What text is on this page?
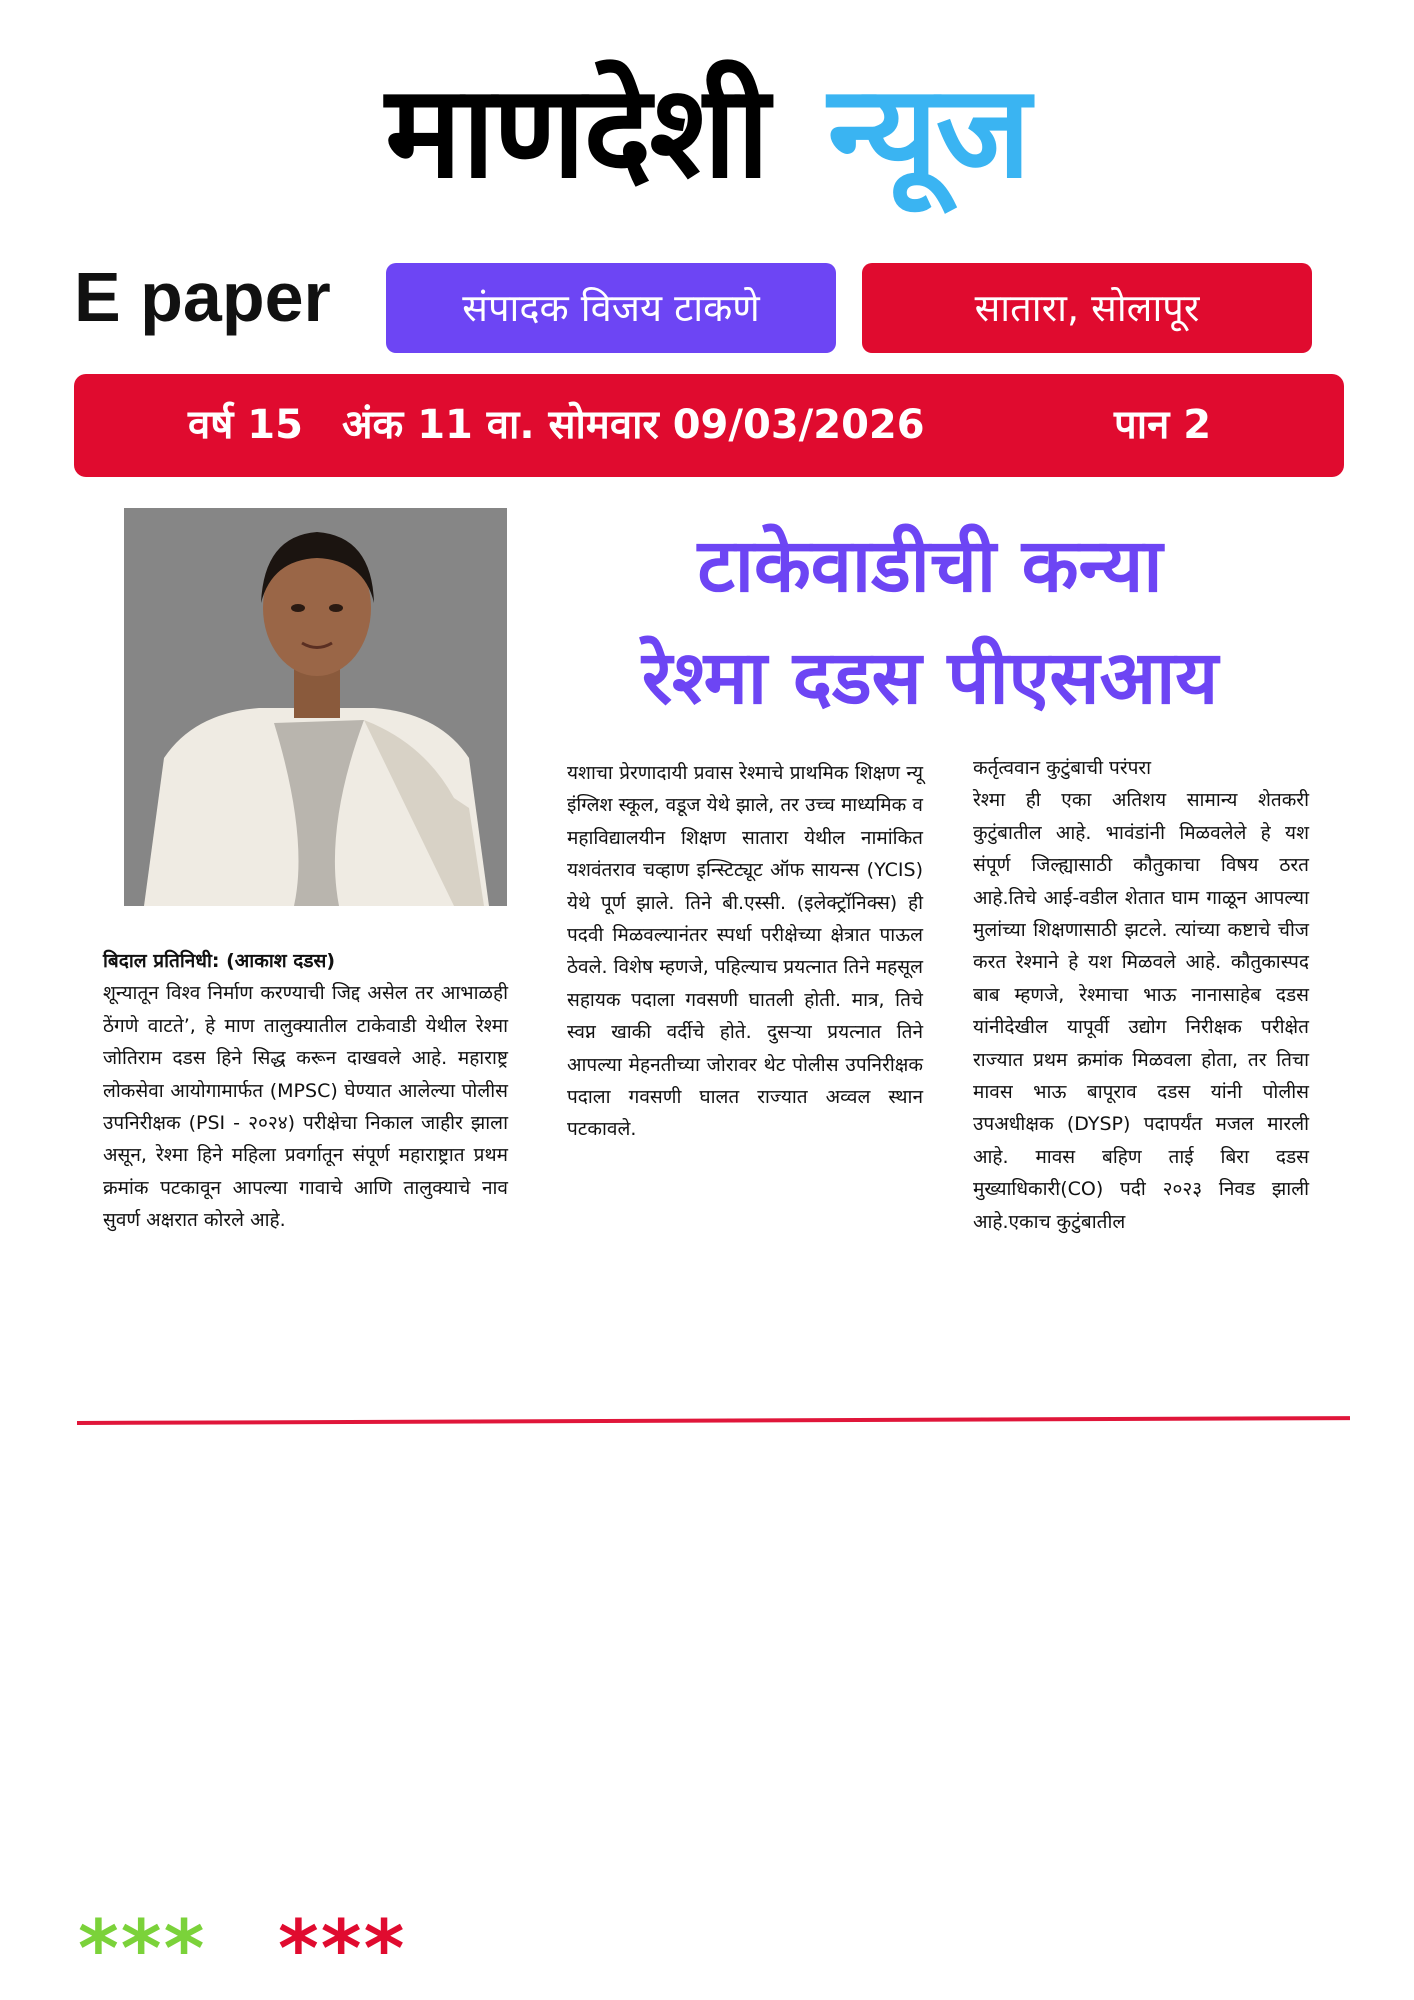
माणदेशी न्यूज
E paper	संपादक विजय टाकणे	सातारा, सोलापूर
वर्ष 15 अंक 11 वा. सोमवार 09/03/2026	पान 2
टाकेवाडीची कन्या
रेश्मा दडस पीएसआय
बिदाल प्रतिनिधी: (आकाश दडस)
शून्यातून विश्व निर्माण करण्याची जिद्द असेल तर आभाळही ठेंगणे वाटते’, हे माण तालुक्यातील टाकेवाडी येथील रेश्मा जोतिराम दडस हिने सिद्ध करून दाखवले आहे. महाराष्ट्र लोकसेवा आयोगामार्फत (MPSC) घेण्यात आलेल्या पोलीस उपनिरीक्षक (PSI - २०२४) परीक्षेचा निकाल जाहीर झाला असून, रेश्मा हिने महिला प्रवर्गातून संपूर्ण महाराष्ट्रात प्रथम क्रमांक पटकावून आपल्या गावाचे आणि तालुक्याचे नाव सुवर्ण अक्षरात कोरले आहे.
यशाचा प्रेरणादायी प्रवास रेश्माचे प्राथमिक शिक्षण न्यू इंग्लिश स्कूल, वडूज येथे झाले, तर उच्च माध्यमिक व महाविद्यालयीन शिक्षण सातारा येथील नामांकित यशवंतराव चव्हाण इन्स्टिट्यूट ऑफ सायन्स (YCIS) येथे पूर्ण झाले. तिने बी.एस्सी. (इलेक्ट्रॉनिक्स) ही पदवी मिळवल्यानंतर स्पर्धा परीक्षेच्या क्षेत्रात पाऊल ठेवले. विशेष म्हणजे, पहिल्याच प्रयत्नात तिने महसूल सहायक पदाला गवसणी घातली होती. मात्र, तिचे स्वप्न खाकी वर्दीचे होते. दुसऱ्या प्रयत्नात तिने आपल्या मेहनतीच्या जोरावर थेट पोलीस उपनिरीक्षक पदाला गवसणी घालत राज्यात अव्वल स्थान पटकावले.
कर्तृत्ववान कुटुंबाची परंपरा
रेश्मा ही एका अतिशय सामान्य शेतकरी कुटुंबातील आहे. भावंडांनी मिळवलेले हे यश संपूर्ण जिल्ह्यासाठी कौतुकाचा विषय ठरत आहे.तिचे आई-वडील शेतात घाम गाळून आपल्या मुलांच्या शिक्षणासाठी झटले. त्यांच्या कष्टाचे चीज करत रेश्माने हे यश मिळवले आहे. कौतुकास्पद बाब म्हणजे, रेश्माचा भाऊ नानासाहेब दडस यांनीदेखील यापूर्वी उद्योग निरीक्षक परीक्षेत राज्यात प्रथम क्रमांक मिळवला होता, तर तिचा मावस भाऊ बापूराव दडस यांनी पोलीस उपअधीक्षक (DYSP) पदापर्यंत मजल मारली आहे. मावस बहिण ताई बिरा दडस मुख्याधिकारी(CO) पदी २०२३ निवड झाली आहे.एकाच कुटुंबातील
*** ***
